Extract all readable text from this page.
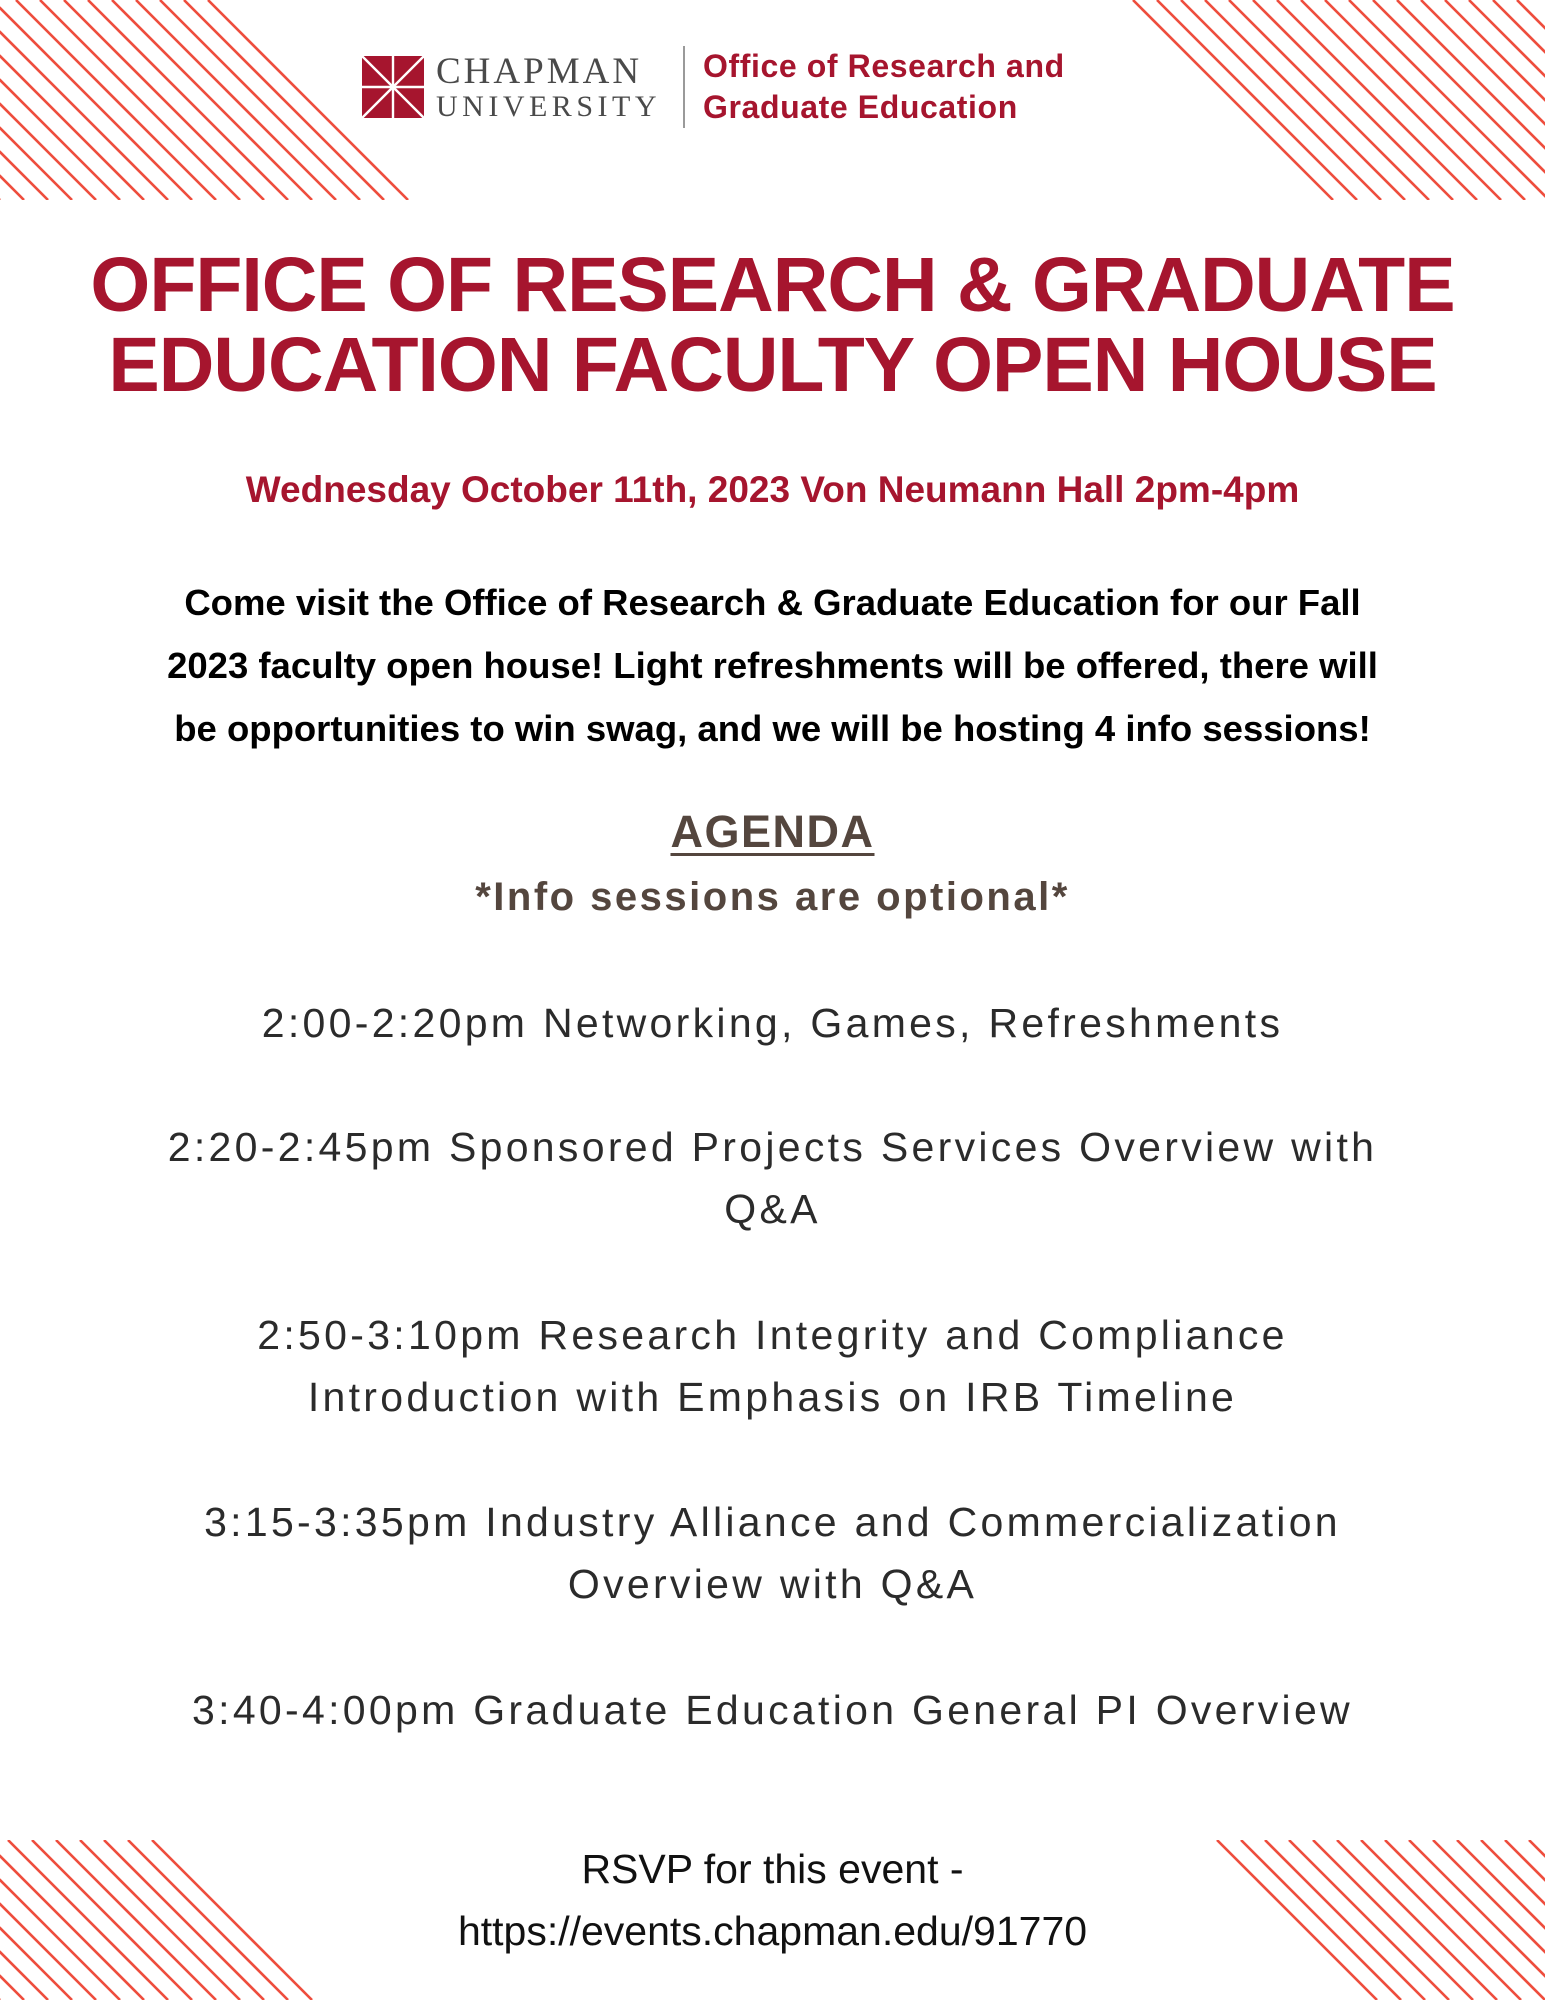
CHAPMAN
UNIVERSITY
Office of Research and
Graduate Education
OFFICE OF RESEARCH & GRADUATE
EDUCATION FACULTY OPEN HOUSE
Wednesday October 11th, 2023 Von Neumann Hall 2pm-4pm
Come visit the Office of Research & Graduate Education for our Fall
2023 faculty open house! Light refreshments will be offered, there will
be opportunities to win swag, and we will be hosting 4 info sessions!
AGENDA
*Info sessions are optional*
2:00-2:20pm Networking, Games, Refreshments
2:20-2:45pm Sponsored Projects Services Overview with
Q&A
2:50-3:10pm Research Integrity and Compliance
Introduction with Emphasis on IRB Timeline
3:15-3:35pm Industry Alliance and Commercialization
Overview with Q&A
3:40-4:00pm Graduate Education General PI Overview
RSVP for this event -
https://events.chapman.edu/91770
